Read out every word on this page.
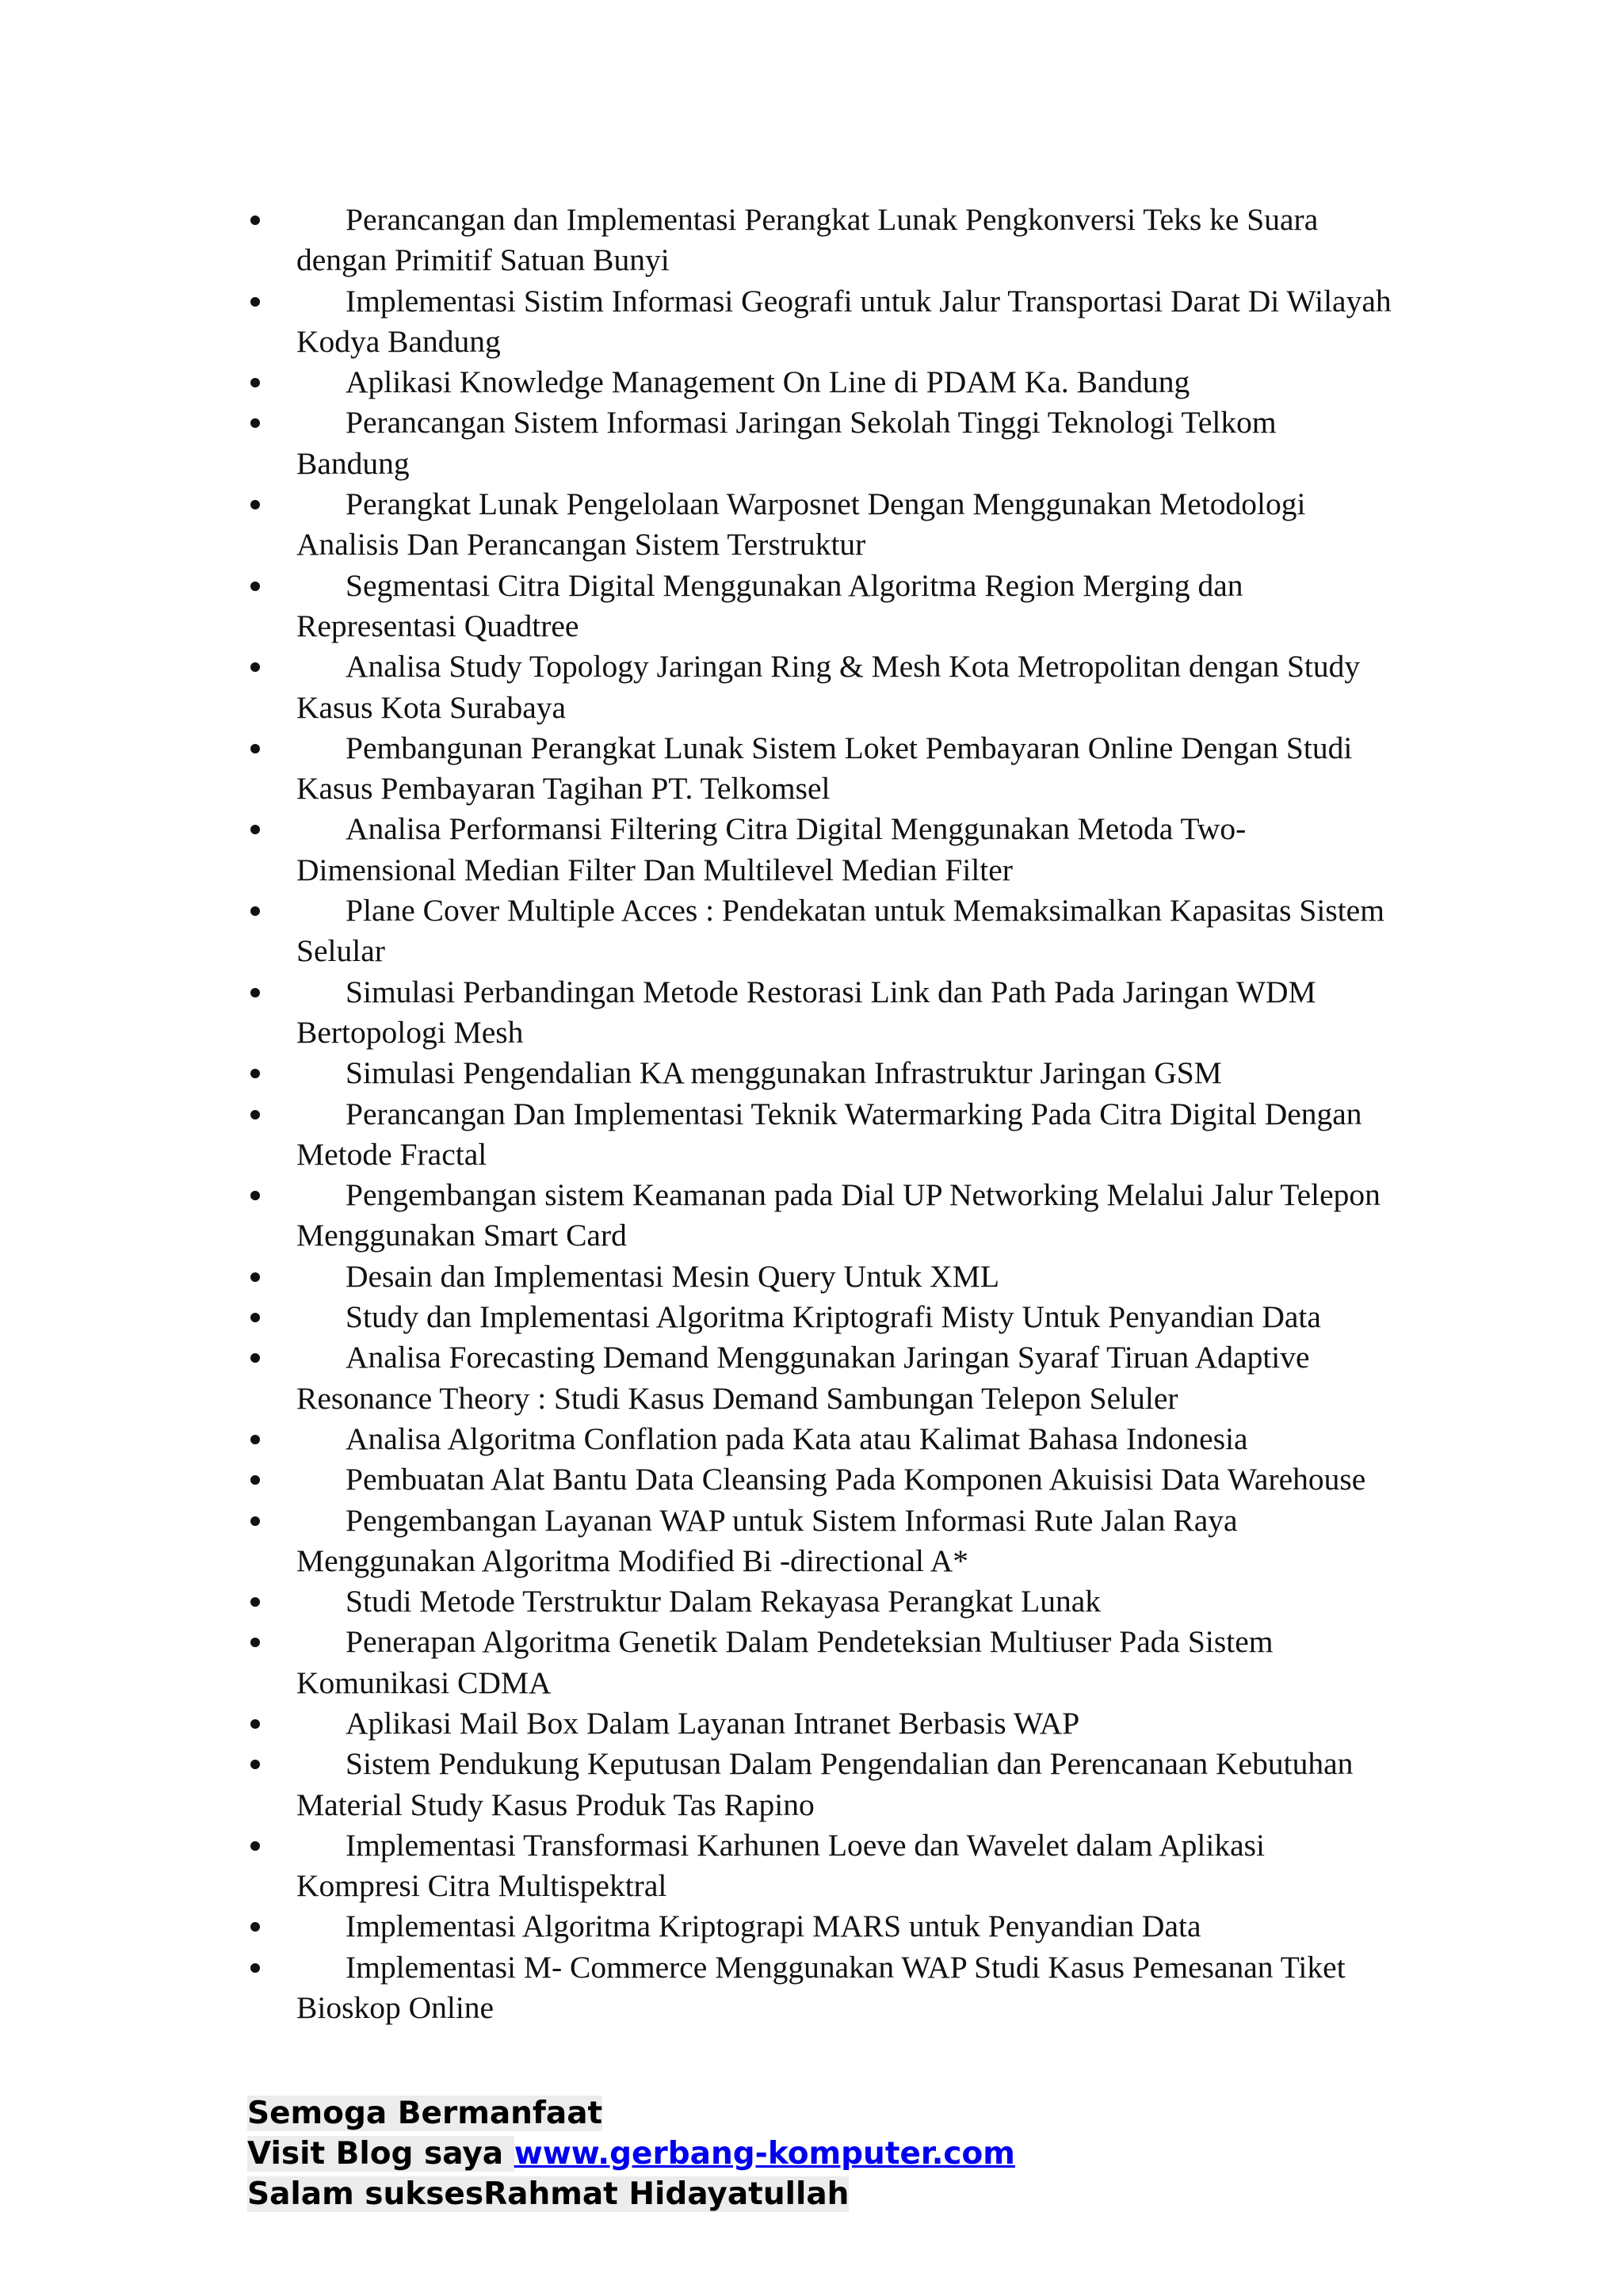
Perancangan dan Implementasi Perangkat Lunak Pengkonversi Teks ke Suara dengan Primitif Satuan Bunyi
Implementasi Sistim Informasi Geografi untuk Jalur Transportasi Darat Di Wilayah Kodya Bandung
Aplikasi Knowledge Management On Line di PDAM Ka. Bandung
Perancangan Sistem Informasi Jaringan Sekolah Tinggi Teknologi Telkom Bandung
Perangkat Lunak Pengelolaan Warposnet Dengan Menggunakan Metodologi Analisis Dan Perancangan Sistem Terstruktur
Segmentasi Citra Digital Menggunakan Algoritma Region Merging dan Representasi Quadtree
Analisa Study Topology Jaringan Ring & Mesh Kota Metropolitan dengan Study Kasus Kota Surabaya
Pembangunan Perangkat Lunak Sistem Loket Pembayaran Online Dengan Studi Kasus Pembayaran Tagihan PT. Telkomsel
Analisa Performansi Filtering Citra Digital Menggunakan Metoda Two-Dimensional Median Filter Dan Multilevel Median Filter
Plane Cover Multiple Acces : Pendekatan untuk Memaksimalkan Kapasitas Sistem Selular
Simulasi Perbandingan Metode Restorasi Link dan Path Pada Jaringan WDM Bertopologi Mesh
Simulasi Pengendalian KA menggunakan Infrastruktur Jaringan GSM
Perancangan Dan Implementasi Teknik Watermarking Pada Citra Digital Dengan Metode Fractal
Pengembangan sistem Keamanan pada Dial UP Networking Melalui Jalur Telepon Menggunakan Smart Card
Desain dan Implementasi Mesin Query Untuk XML
Study dan Implementasi Algoritma Kriptografi Misty Untuk Penyandian Data
Analisa Forecasting Demand Menggunakan Jaringan Syaraf Tiruan Adaptive Resonance Theory : Studi Kasus Demand Sambungan Telepon Seluler
Analisa Algoritma Conflation pada Kata atau Kalimat Bahasa Indonesia
Pembuatan Alat Bantu Data Cleansing Pada Komponen Akuisisi Data Warehouse
Pengembangan Layanan WAP untuk Sistem Informasi Rute Jalan Raya Menggunakan Algoritma Modified Bi -directional A*
Studi Metode Terstruktur Dalam Rekayasa Perangkat Lunak
Penerapan Algoritma Genetik Dalam Pendeteksian Multiuser Pada Sistem Komunikasi CDMA
Aplikasi Mail Box Dalam Layanan Intranet Berbasis WAP
Sistem Pendukung Keputusan Dalam Pengendalian dan Perencanaan Kebutuhan Material Study Kasus Produk Tas Rapino
Implementasi Transformasi Karhunen Loeve dan Wavelet dalam Aplikasi Kompresi Citra Multispektral
Implementasi Algoritma Kriptograpi MARS untuk Penyandian Data
Implementasi M- Commerce Menggunakan WAP Studi Kasus Pemesanan Tiket Bioskop Online
Semoga Bermanfaat
Visit Blog saya www.gerbang-komputer.com
Salam suksesRahmat Hidayatullah
